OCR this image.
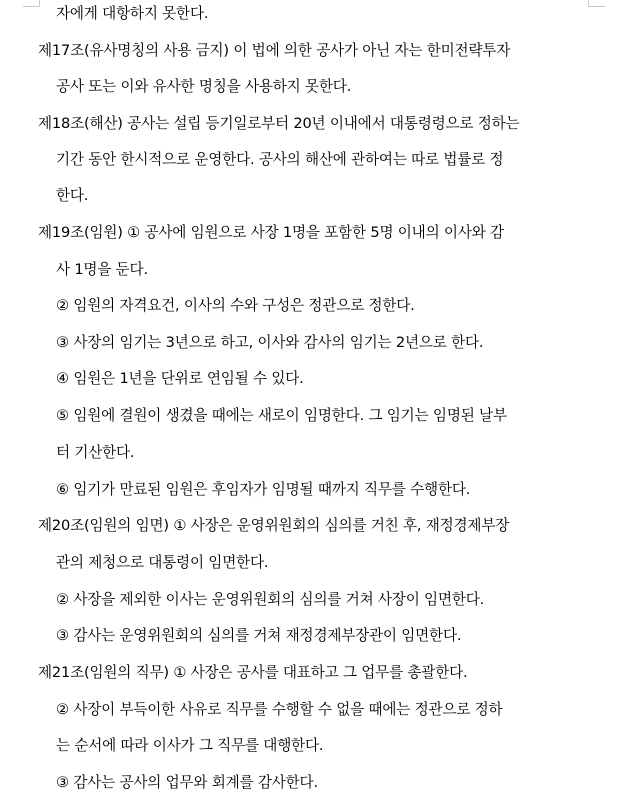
자에게 대항하지 못한다.
제17조(유사명칭의 사용 금지) 이 법에 의한 공사가 아닌 자는 한미전략투자
공사 또는 이와 유사한 명칭을 사용하지 못한다.
제18조(해산) 공사는 설립 등기일로부터 20년 이내에서 대통령령으로 정하는
기간 동안 한시적으로 운영한다. 공사의 해산에 관하여는 따로 법률로 정
한다.
제19조(임원) ① 공사에 임원으로 사장 1명을 포함한 5명 이내의 이사와 감
사 1명을 둔다.
② 임원의 자격요건, 이사의 수와 구성은 정관으로 정한다.
③ 사장의 임기는 3년으로 하고, 이사와 감사의 임기는 2년으로 한다.
④ 임원은 1년을 단위로 연임될 수 있다.
⑤ 임원에 결원이 생겼을 때에는 새로이 임명한다. 그 임기는 임명된 날부
터 기산한다.
⑥ 임기가 만료된 임원은 후임자가 임명될 때까지 직무를 수행한다.
제20조(임원의 임면) ① 사장은 운영위원회의 심의를 거친 후, 재정경제부장
관의 제청으로 대통령이 임면한다.
② 사장을 제외한 이사는 운영위원회의 심의를 거쳐 사장이 임면한다.
③ 감사는 운영위원회의 심의를 거쳐 재정경제부장관이 임면한다.
제21조(임원의 직무) ① 사장은 공사를 대표하고 그 업무를 총괄한다.
② 사장이 부득이한 사유로 직무를 수행할 수 없을 때에는 정관으로 정하
는 순서에 따라 이사가 그 직무를 대행한다.
③ 감사는 공사의 업무와 회계를 감사한다.
